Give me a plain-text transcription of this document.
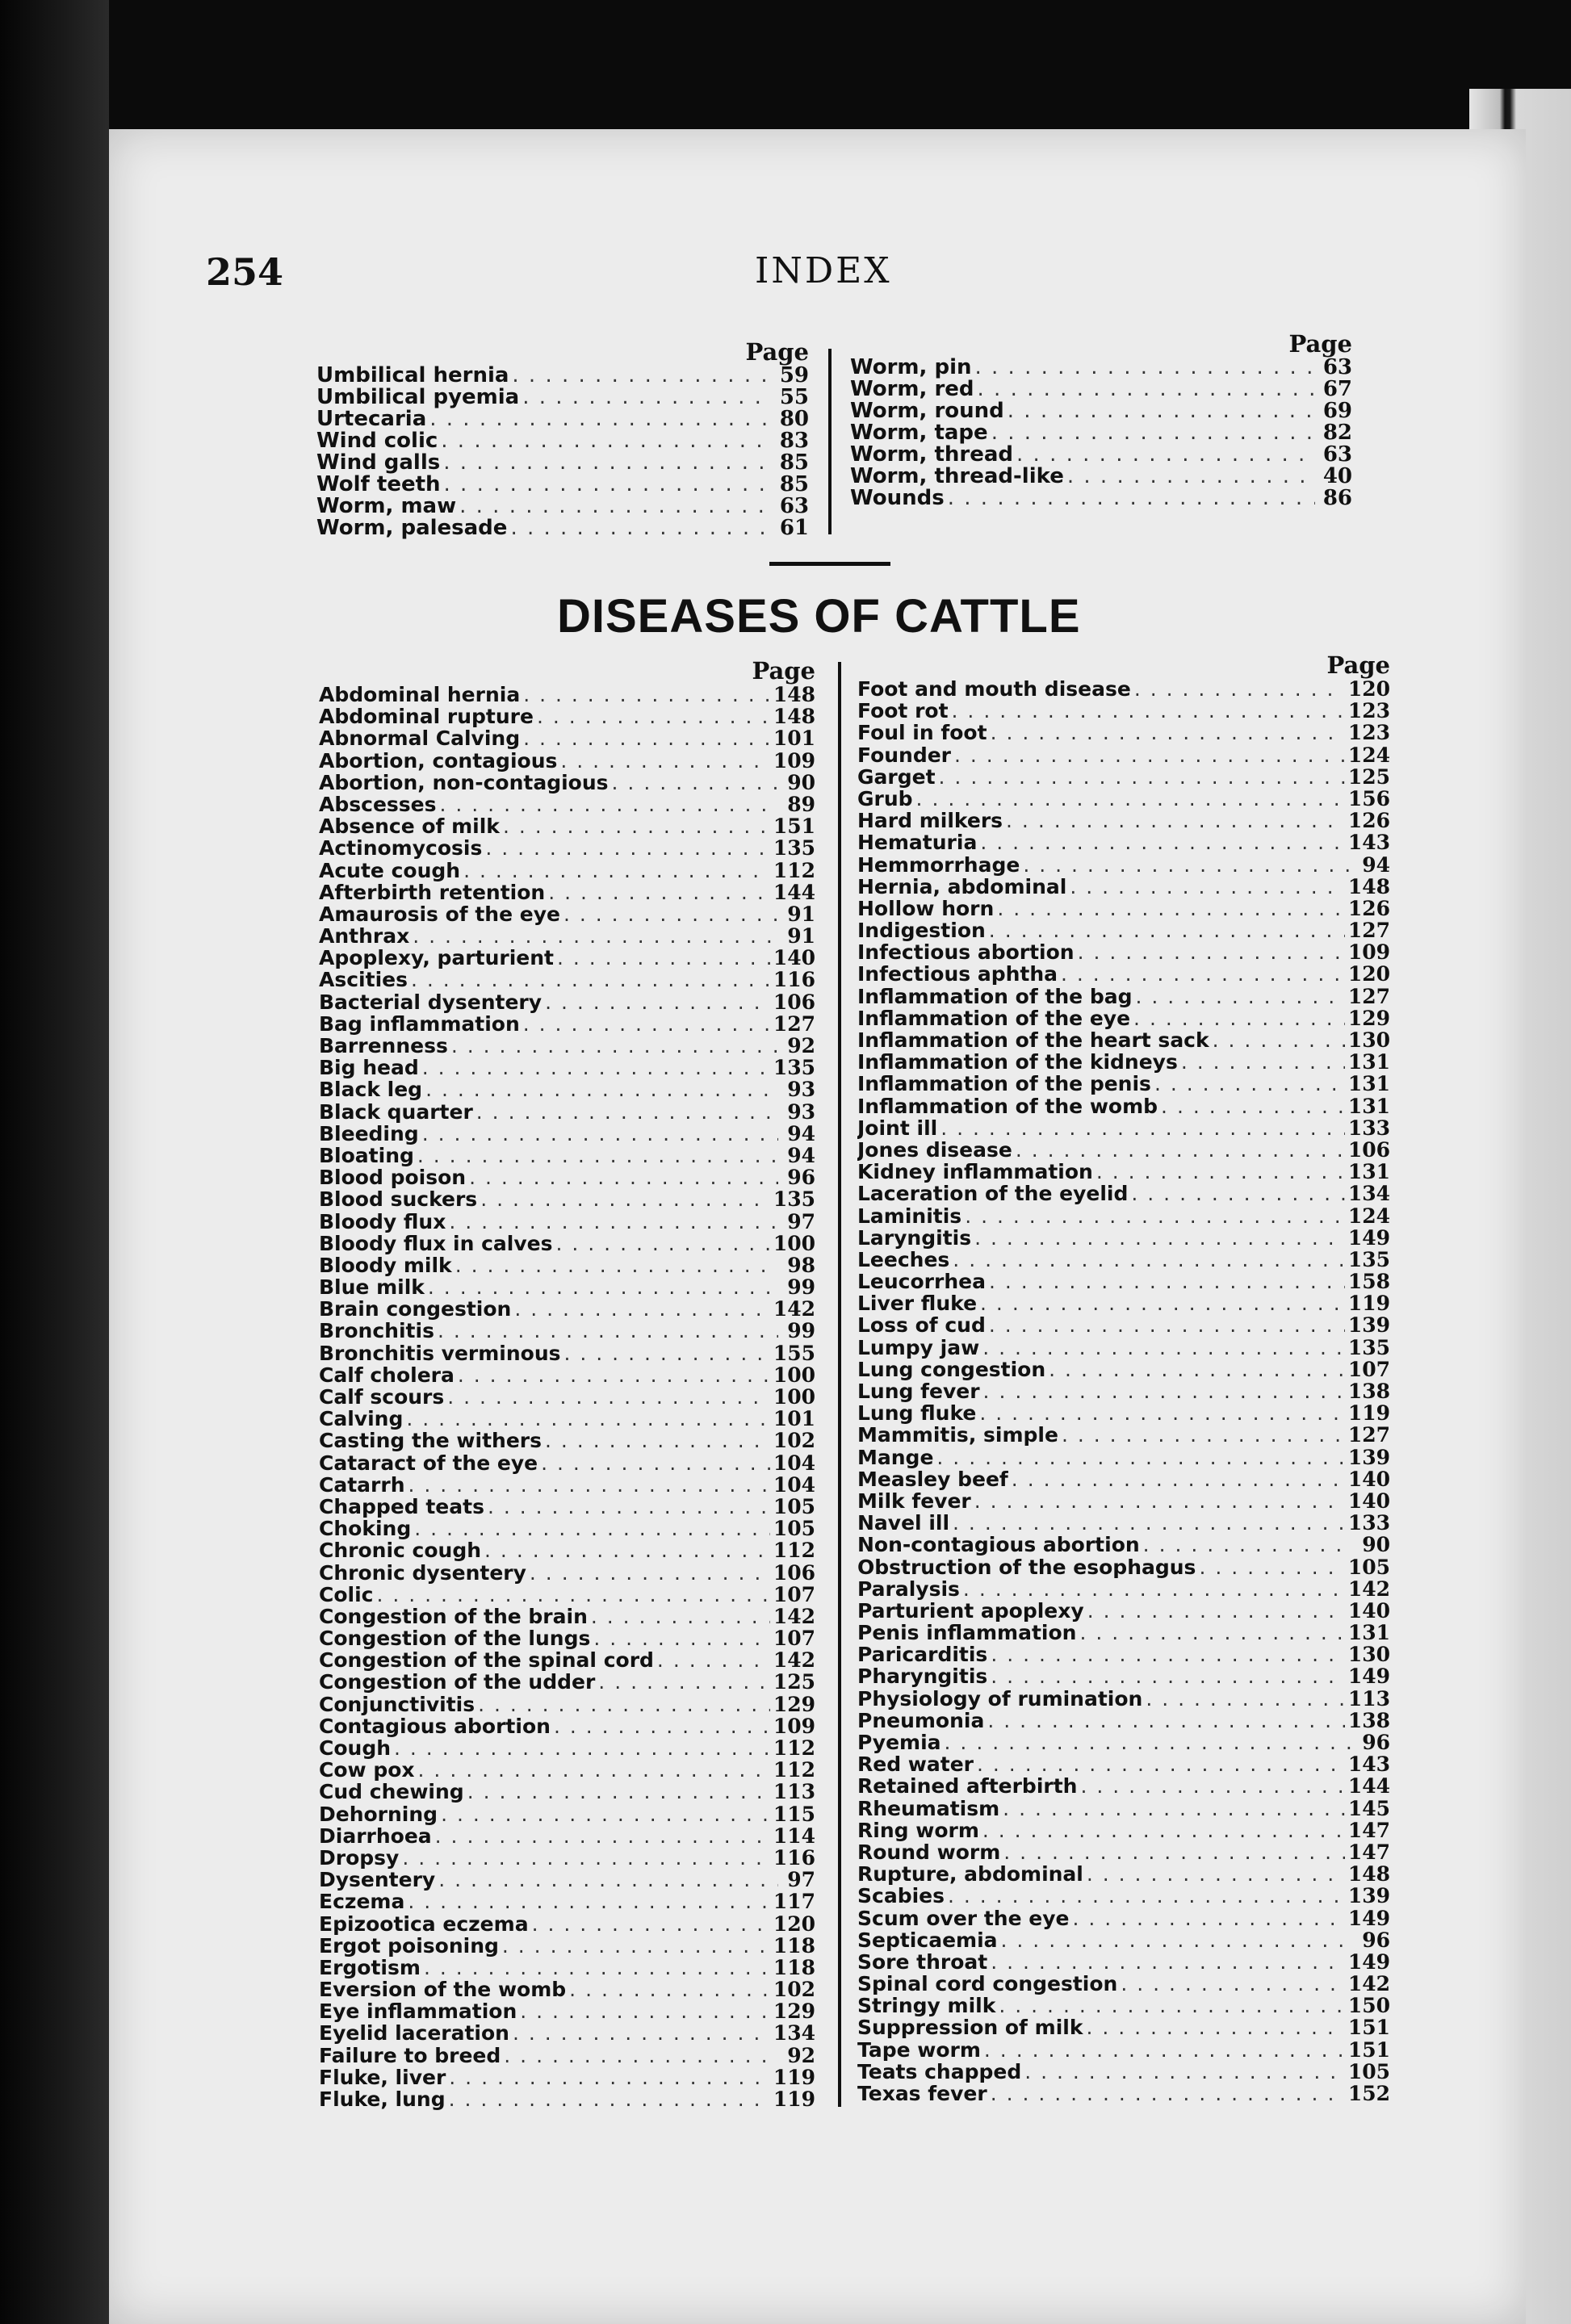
254	INDEX
Page
Umbilical hernia . . .	59
Umbilical pyemia . . .	55
Urtecaria . . .	80
Wind colic . . .	83
Wind galls . . .	85
Wolf teeth . . .	85
Worm, maw . . .	63
Worm, palesade . . .	61
Page
Worm, pin . . .	63
Worm, red . . .	67
Worm, round . . .	69
Worm, tape . . .	82
Worm, thread . . .	63
Worm, thread-like . . .	40
Wounds . . .	86
DISEASES OF CATTLE
Page
Abdominal hernia . . .	148
Abdominal rupture . . .	148
Abnormal Calving . . .	101
Abortion, contagious . . .	109
Abortion, non-contagious . . .	90
Abscesses . . .	89
Absence of milk . . .	151
Actinomycosis . . .	135
Acute cough . . .	112
Afterbirth retention . . .	144
Amaurosis of the eye . . .	91
Anthrax . . .	91
Apoplexy, parturient . . .	140
Ascities . . .	116
Bacterial dysentery . . .	106
Bag inflammation . . .	127
Barrenness . . .	92
Big head . . .	135
Black leg . . .	93
Black quarter . . .	93
Bleeding . . .	94
Bloating . . .	94
Blood poison . . .	96
Blood suckers . . .	135
Bloody flux . . .	97
Bloody flux in calves . . .	100
Bloody milk . . .	98
Blue milk . . .	99
Brain congestion . . .	142
Bronchitis . . .	99
Bronchitis verminous . . .	155
Calf cholera . . .	100
Calf scours . . .	100
Calving . . .	101
Casting the withers . . .	102
Cataract of the eye . . .	104
Catarrh . . .	104
Chapped teats . . .	105
Choking . . .	105
Chronic cough . . .	112
Chronic dysentery . . .	106
Colic . . .	107
Congestion of the brain . . .	142
Congestion of the lungs . . .	107
Congestion of the spinal cord . . .	142
Congestion of the udder . . .	125
Conjunctivitis . . .	129
Contagious abortion . . .	109
Cough . . .	112
Cow pox . . .	112
Cud chewing . . .	113
Dehorning . . .	115
Diarrhoea . . .	114
Dropsy . . .	116
Dysentery . . .	97
Eczema . . .	117
Epizootica eczema . . .	120
Ergot poisoning . . .	118
Ergotism . . .	118
Eversion of the womb . . .	102
Eye inflammation . . .	129
Eyelid laceration . . .	134
Failure to breed . . .	92
Fluke, liver . . .	119
Fluke, lung . . .	119
Page
Foot and mouth disease . . .	120
Foot rot . . .	123
Foul in foot . . .	123
Founder . . .	124
Garget . . .	125
Grub . . .	156
Hard milkers . . .	126
Hematuria . . .	143
Hemmorrhage . . .	94
Hernia, abdominal . . .	148
Hollow horn . . .	126
Indigestion . . .	127
Infectious abortion . . .	109
Infectious aphtha . . .	120
Inflammation of the bag . . .	127
Inflammation of the eye . . .	129
Inflammation of the heart sack . . .	130
Inflammation of the kidneys . . .	131
Inflammation of the penis . . .	131
Inflammation of the womb . . .	131
Joint ill . . .	133
Jones disease . . .	106
Kidney inflammation . . .	131
Laceration of the eyelid . . .	134
Laminitis . . .	124
Laryngitis . . .	149
Leeches . . .	135
Leucorrhea . . .	158
Liver fluke . . .	119
Loss of cud . . .	139
Lumpy jaw . . .	135
Lung congestion . . .	107
Lung fever . . .	138
Lung fluke . . .	119
Mammitis, simple . . .	127
Mange . . .	139
Measley beef . . .	140
Milk fever . . .	140
Navel ill . . .	133
Non-contagious abortion . . .	90
Obstruction of the esophagus . . .	105
Paralysis . . .	142
Parturient apoplexy . . .	140
Penis inflammation . . .	131
Paricarditis . . .	130
Pharyngitis . . .	149
Physiology of rumination . . .	113
Pneumonia . . .	138
Pyemia . . .	96
Red water . . .	143
Retained afterbirth . . .	144
Rheumatism . . .	145
Ring worm . . .	147
Round worm . . .	147
Rupture, abdominal . . .	148
Scabies . . .	139
Scum over the eye . . .	149
Septicaemia . . .	96
Sore throat . . .	149
Spinal cord congestion . . .	142
Stringy milk . . .	150
Suppression of milk . . .	151
Tape worm . . .	151
Teats chapped . . .	105
Texas fever . . .	152
